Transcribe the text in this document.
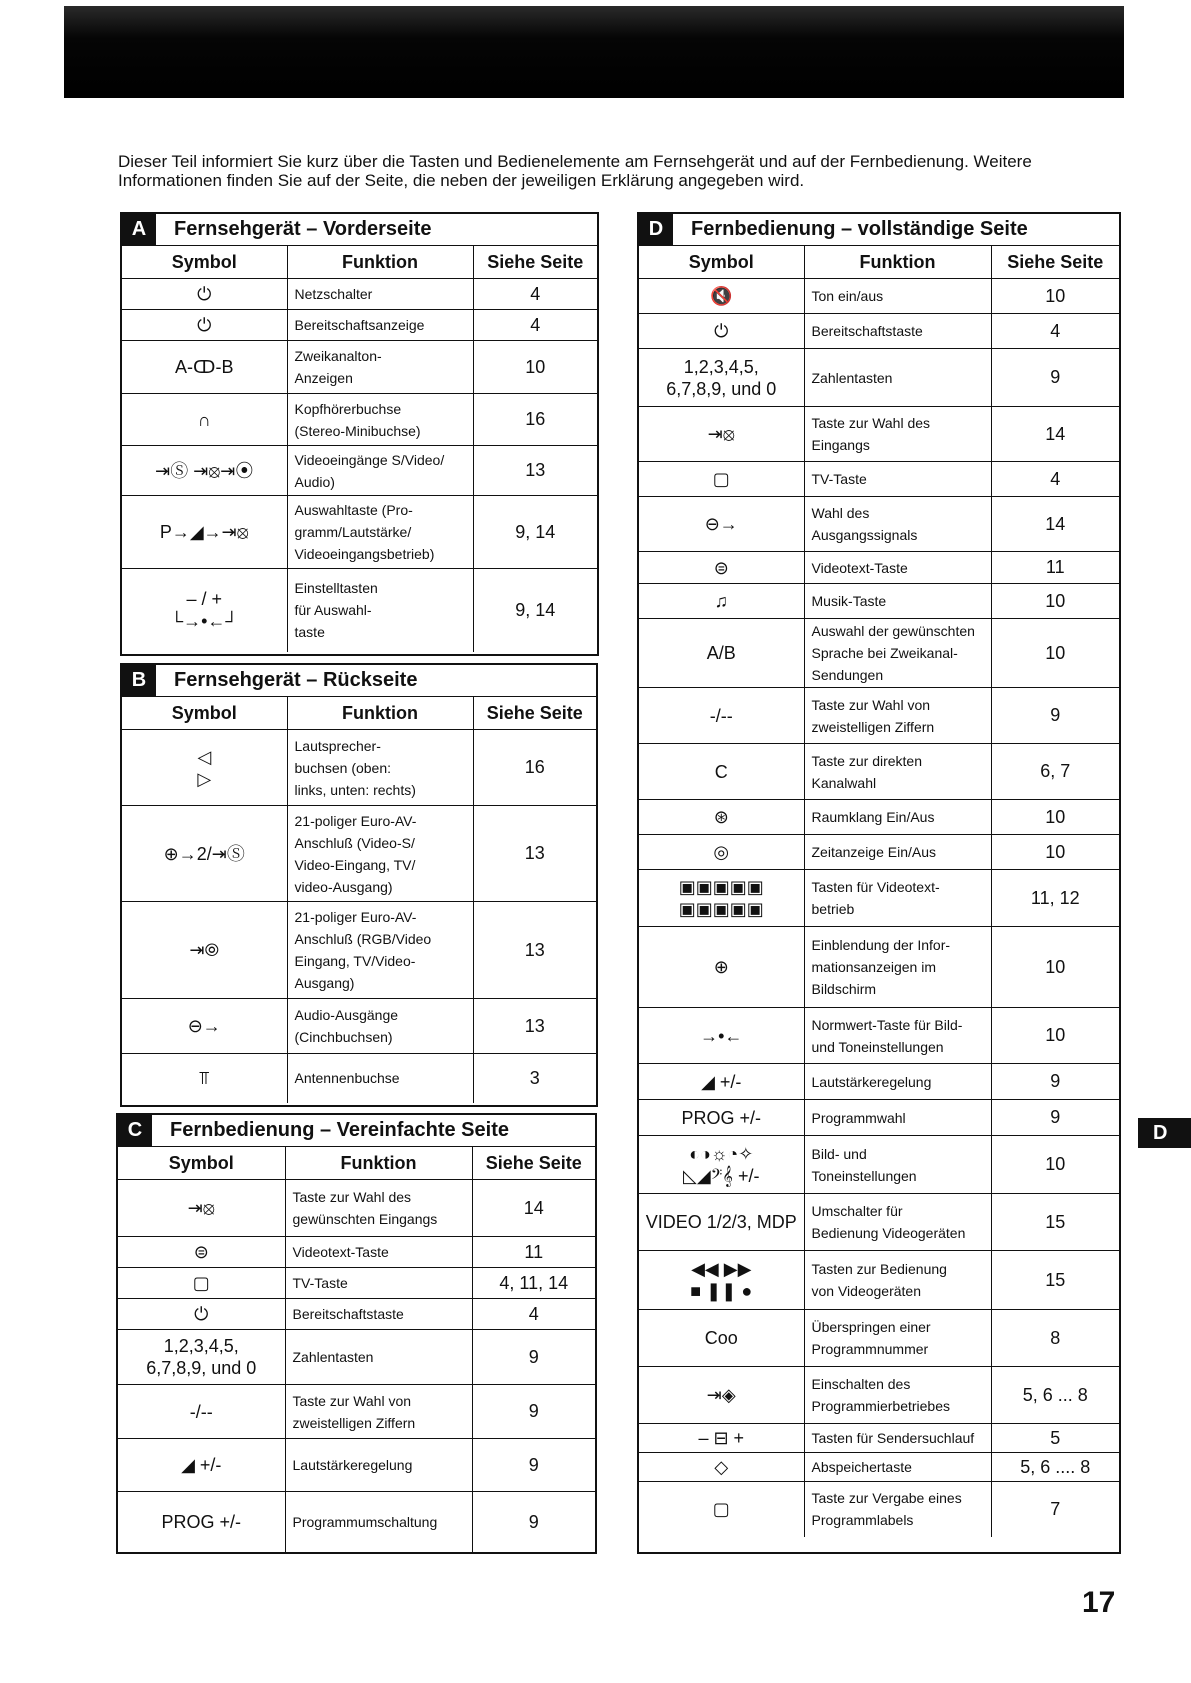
Dieser Teil informiert Sie kurz über die Tasten und Bedienelemente am Fernsehgerät und auf der Fernbedienung. Weitere Informationen finden Sie auf der Seite, die neben der jeweiligen Erklärung angegeben wird.

A	Fernsehgerät – Vorderseite
Symbol	Funktion	Siehe Seite
⏻	Netzschalter	4
⏻	Bereitschaftsanzeige	4
A-ↀ-B	Zweikanalton-
Anzeigen	10
∩	Kopfhörerbuchse
(Stereo-Minibuchse)	16
⇥Ⓢ ⇥⦻⇥⦿	Videoeingänge S/Video/
Audio)	13
P→◢→⇥⦻	Auswahltaste (Pro-
gramm/Lautstärke/
Videoeingangsbetrieb)	9, 14
– / +
└→•←┘	Einstelltasten
für Auswahl-
taste	9, 14
B	Fernsehgerät – Rückseite
Symbol	Funktion	Siehe Seite
◁
▷	Lautsprecher-
buchsen (oben:
links, unten: rechts)	16
⊕→2/⇥Ⓢ	21-poliger Euro-AV-
Anschluß (Video-S/
Video-Eingang, TV/
video-Ausgang)	13
⇥⦾	21-poliger Euro-AV-
Anschluß (RGB/Video
Eingang, TV/Video-
Ausgang)	13
⊖→	Audio-Ausgänge
(Cinchbuchsen)	13
⫪	Antennenbuchse	3
C	Fernbedienung – Vereinfachte Seite
Symbol	Funktion	Siehe Seite
⇥⦻	Taste zur Wahl des
gewünschten Eingangs	14
⊜	Videotext-Taste	11
▢	TV-Taste	4, 11, 14
⏻	Bereitschaftstaste	4
1,2,3,4,5,
6,7,8,9, und 0	Zahlentasten	9
-/--	Taste zur Wahl von
zweistelligen Ziffern	9
◢ +/-	Lautstärkeregelung	9
PROG +/-	Programmumschaltung	9
D	Fernbedienung – vollständige Seite
Symbol	Funktion	Siehe Seite
🔇	Ton ein/aus	10
⏻	Bereitschaftstaste	4
1,2,3,4,5,
6,7,8,9, und 0	Zahlentasten	9
⇥⦻	Taste zur Wahl des
Eingangs	14
▢	TV-Taste	4
⊖→	Wahl des
Ausgangssignals	14
⊜	Videotext-Taste	11
♫	Musik-Taste	10
A/B	Auswahl der gewünschten
Sprache bei Zweikanal-
Sendungen	10
-/--	Taste zur Wahl von
zweistelligen Ziffern	9
C	Taste zur direkten
Kanalwahl	6, 7
⊛	Raumklang Ein/Aus	10
◎	Zeitanzeige Ein/Aus	10
▣▣▣▣▣
▣▣▣▣▣	Tasten für Videotext-
betrieb	11, 12
⊕	Einblendung der Infor-
mationsanzeigen im
Bildschirm	10
→•←	Normwert-Taste für Bild-
und Toneinstellungen	10
◢ +/-	Lautstärkeregelung	9
PROG +/-	Programmwahl	9
◐◑☼◔✧
◺◢𝄢𝄞 +/-	Bild- und
Toneinstellungen	10
VIDEO 1/2/3, MDP	Umschalter für
Bedienung Videogeräten	15
◀◀ ▶▶
■ ❚❚ ●	Tasten zur Bedienung
von Videogeräten	15
Coo	Überspringen einer
Programmnummer	8
⇥◈	Einschalten des
Programmierbetriebes	5, 6 ... 8
– ⊟ +	Tasten für Sendersuchlauf	5
◇	Abspeichertaste	5, 6 .... 8
▢	Taste zur Vergabe eines
Programmlabels	7
D
17
